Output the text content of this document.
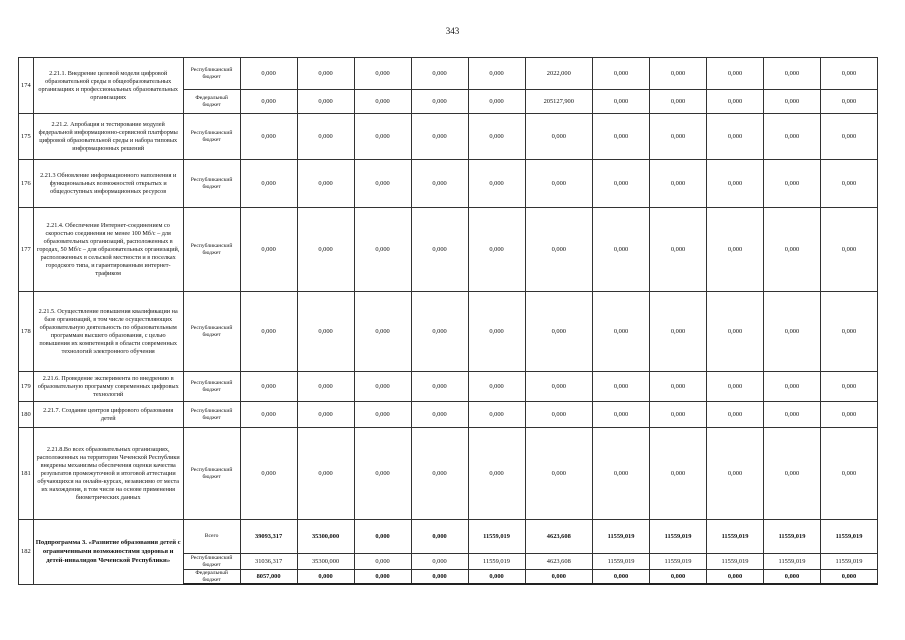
343
174	2.21.1. Внедрение целевой модели цифровой образовательной среды в общеобразовательных организациях и профессиональных образовательных организациях	Республиканский бюджет	0,000	0,000	0,000	0,000	0,000	2022,000	0,000	0,000	0,000	0,000	0,000
		Федеральный бюджет	0,000	0,000	0,000	0,000	0,000	205127,900	0,000	0,000	0,000	0,000	0,000
175	2.21.2. Апробация и тестирование модулей федеральной информационно-сервисной платформы цифровой образовательной среды и набора типовых информационных решений	Республиканский бюджет	0,000	0,000	0,000	0,000	0,000	0,000	0,000	0,000	0,000	0,000	0,000
176	2.21.3 Обновление информационного наполнения и функциональных возможностей открытых и общедоступных информационных ресурсов	Республиканский бюджет	0,000	0,000	0,000	0,000	0,000	0,000	0,000	0,000	0,000	0,000	0,000
177	2.21.4. Обеспечение Интернет-соединением со скоростью соединения не менее 100 Мб/c – для образовательных организаций, расположенных в городах, 50 Мб/c – для образовательных организаций, расположенных в сельской местности и в поселках городского типа, и гарантированным интернет-трафиком	Республиканский бюджет	0,000	0,000	0,000	0,000	0,000	0,000	0,000	0,000	0,000	0,000	0,000
178	2.21.5. Осуществление повышения квалификации на базе организаций, в том числе осуществляющих образовательную деятельность по образовательным программам высшего образования, с целью повышения их компетенций в области современных технологий электронного обучения	Республиканский бюджет	0,000	0,000	0,000	0,000	0,000	0,000	0,000	0,000	0,000	0,000	0,000
179	2.21.6. Проведение эксперимента по внедрению в образовательную программу современных цифровых технологий	Республиканский бюджет	0,000	0,000	0,000	0,000	0,000	0,000	0,000	0,000	0,000	0,000	0,000
180	2.21.7. Создание центров цифрового образования детей	Республиканский бюджет	0,000	0,000	0,000	0,000	0,000	0,000	0,000	0,000	0,000	0,000	0,000
181	2.21.8.Во всех образовательных организациях, расположенных на территории Чеченской Республики внедрены механизмы обеспечения оценки качества результатов промежуточной и итоговой аттестации обучающихся на онлайн-курсах, независимо от места их нахождения, в том числе на основе применения биометрических данных	Республиканский бюджет	0,000	0,000	0,000	0,000	0,000	0,000	0,000	0,000	0,000	0,000	0,000
182	Подпрограмма 3. «Развитие образования детей с ограниченными возможностями здоровья и детей-инвалидов Чеченской Республики»	Всего	39093,317	35300,000	0,000	0,000	11559,019	4623,608	11559,019	11559,019	11559,019	11559,019	11559,019
		Республиканский бюджет	31036,317	35300,000	0,000	0,000	11559,019	4623,608	11559,019	11559,019	11559,019	11559,019	11559,019
		Федеральный бюджет	8057,000	0,000	0,000	0,000	0,000	0,000	0,000	0,000	0,000	0,000	0,000
